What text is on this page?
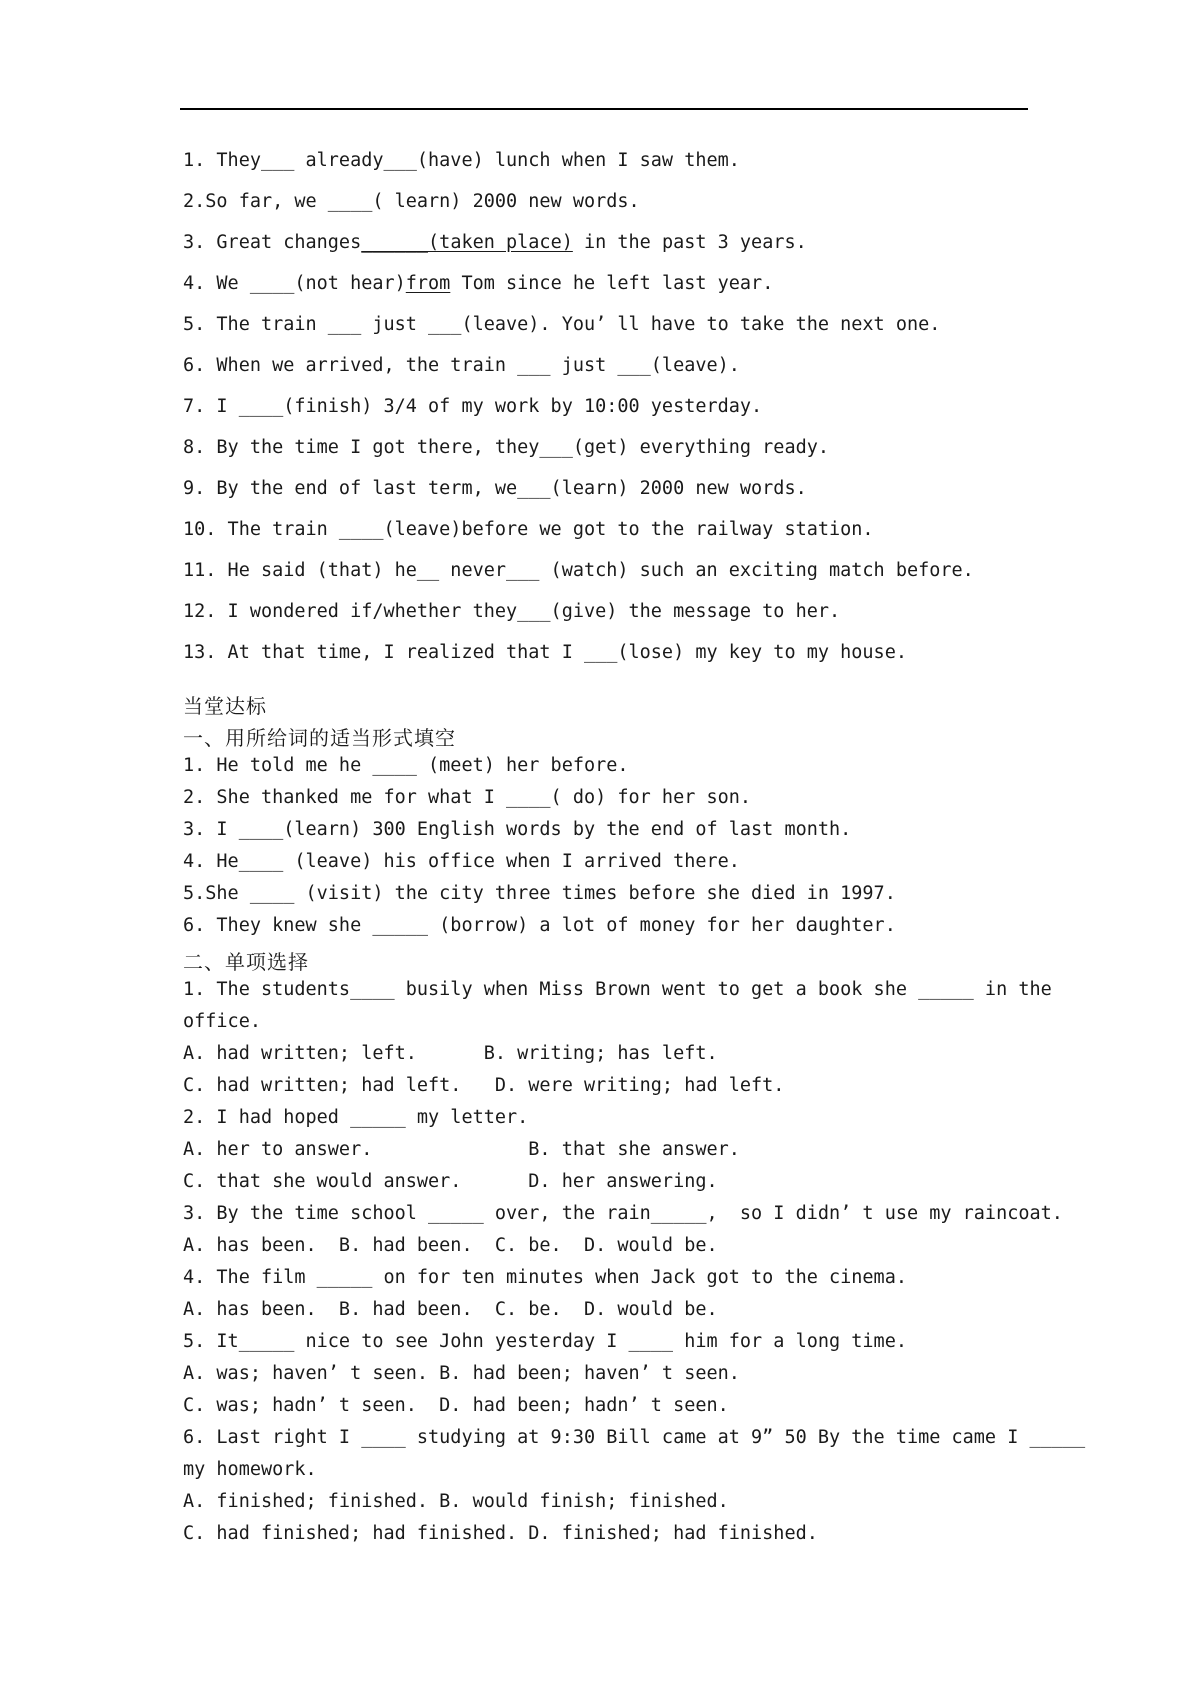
1. They___ already___(have) lunch when I saw them.

2.So far, we ____( learn) 2000 new words.

3. Great changes______(taken place) in the past 3 years.

4. We ____(not hear)from Tom since he left last year.

5. The train ___ just ___(leave). You’ ll have to take the next one.

6. When we arrived, the train ___ just ___(leave).

7. I ____(finish) 3/4 of my work by 10:00 yesterday.

8. By the time I got there, they___(get) everything ready.

9. By the end of last term, we___(learn) 2000 new words.

10. The train ____(leave)before we got to the railway station.

11. He said (that) he__ never___ (watch) such an exciting match before.

12. I wondered if/whether they___(give) the message to her.

13. At that time, I realized that I ___(lose) my key to my house.

当堂达标

一、用所给词的适当形式填空

1. He told me he ____ (meet) her before.

2. She thanked me for what I ____( do) for her son.

3. I ____(learn) 300 English words by the end of last month.

4. He____ (leave) his office when I arrived there.

5.She ____ (visit) the city three times before she died in 1997.

6. They knew she _____ (borrow) a lot of money for her daughter.

二、单项选择

1. The students____ busily when Miss Brown went to get a book she _____ in the

office.

A. had written; left.      B. writing; has left.

C. had written; had left.   D. were writing; had left.

2. I had hoped _____ my letter.

A. her to answer.              B. that she answer.

C. that she would answer.      D. her answering.

3. By the time school _____ over, the rain_____,  so I didn’ t use my raincoat.

A. has been.  B. had been.  C. be.  D. would be.

4. The film _____ on for ten minutes when Jack got to the cinema.

A. has been.  B. had been.  C. be.  D. would be.

5. It_____ nice to see John yesterday I ____ him for a long time.

A. was; haven’ t seen. B. had been; haven’ t seen.

C. was; hadn’ t seen.  D. had been; hadn’ t seen.

6. Last right I ____ studying at 9:30 Bill came at 9” 50 By the time came I _____

my homework.

A. finished; finished. B. would finish; finished.

C. had finished; had finished. D. finished; had finished.
